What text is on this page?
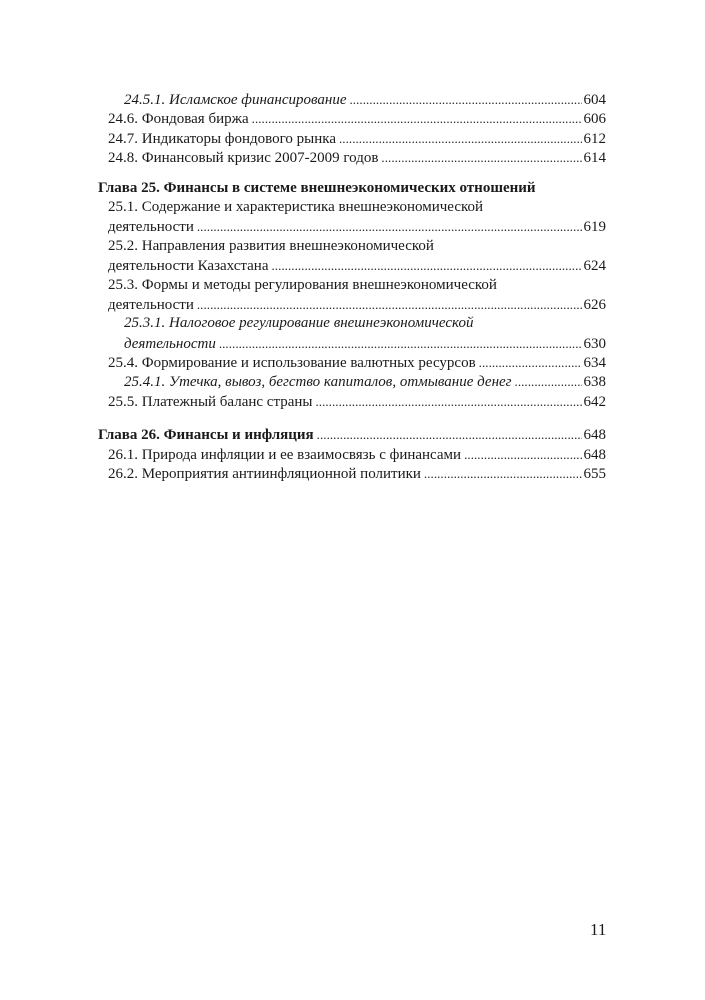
24.5.1. Исламское финансирование . . .	604
24.6. Фондовая биржа . . .	606
24.7. Индикаторы фондового рынка . . .	612
24.8. Финансовый кризис 2007-2009 годов . . .	614
Глава 25. Финансы в системе внешнеэкономических отношений
25.1. Содержание и характеристика внешнеэкономической
деятельности . . .	619
25.2. Направления развития внешнеэкономической
деятельности Казахстана . . .	624
25.3. Формы и методы регулирования внешнеэкономической
деятельности . . .	626
25.3.1. Налоговое регулирование внешнеэкономической
деятельности . . .	630
25.4. Формирование и использование валютных ресурсов . . .	634
25.4.1. Утечка, вывоз, бегство капиталов, отмывание денег . . .	638
25.5. Платежный баланс страны . . .	642
Глава 26. Финансы и инфляция . . .	648
26.1. Природа инфляции и ее взаимосвязь с финансами . . .	648
26.2. Мероприятия антиинфляционной политики . . .	655
11
